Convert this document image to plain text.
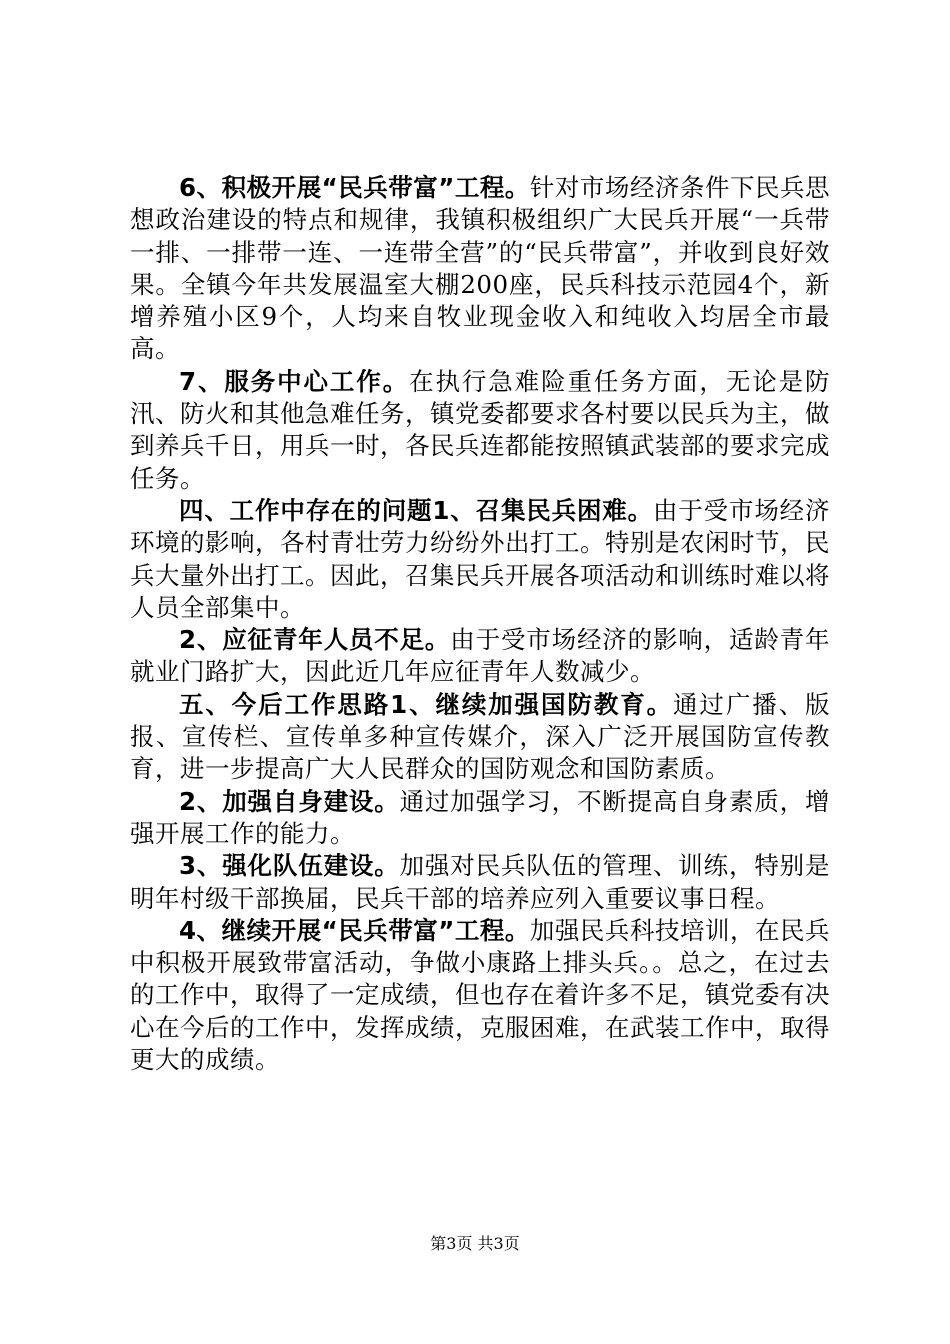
6、积极开展“民兵带富”工程。针对市场经济条件下民兵思想政治建设的特点和规律，我镇积极组织广大民兵开展“一兵带一排、一排带一连、一连带全营”的“民兵带富”，并收到良好效果。全镇今年共发展温室大棚200座，民兵科技示范园4个，新增养殖小区9个，人均来自牧业现金收入和纯收入均居全市最高。

7、服务中心工作。在执行急难险重任务方面，无论是防汛、防火和其他急难任务，镇党委都要求各村要以民兵为主，做到养兵千日，用兵一时，各民兵连都能按照镇武装部的要求完成任务。

四、工作中存在的问题1、召集民兵困难。由于受市场经济环境的影响，各村青壮劳力纷纷外出打工。特别是农闲时节，民兵大量外出打工。因此，召集民兵开展各项活动和训练时难以将人员全部集中。

2、应征青年人员不足。由于受市场经济的影响，适龄青年就业门路扩大，因此近几年应征青年人数减少。

五、今后工作思路1、继续加强国防教育。通过广播、版报、宣传栏、宣传单多种宣传媒介，深入广泛开展国防宣传教育，进一步提高广大人民群众的国防观念和国防素质。

2、加强自身建设。通过加强学习，不断提高自身素质，增强开展工作的能力。

3、强化队伍建设。加强对民兵队伍的管理、训练，特别是明年村级干部换届，民兵干部的培养应列入重要议事日程。

4、继续开展“民兵带富”工程。加强民兵科技培训，在民兵中积极开展致带富活动，争做小康路上排头兵。。总之，在过去的工作中，取得了一定成绩，但也存在着许多不足，镇党委有决心在今后的工作中，发挥成绩，克服困难，在武装工作中，取得更大的成绩。

第3页 共3页
